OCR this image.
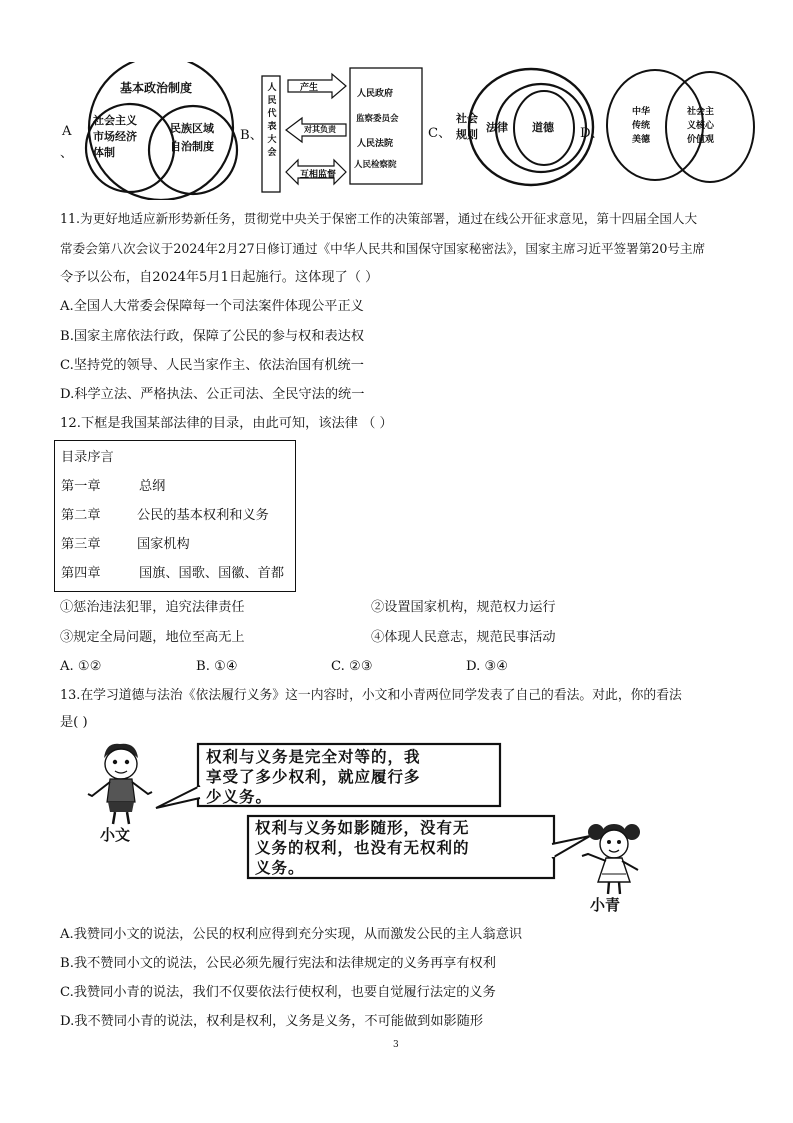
A
、
基本政治制度
社会主义
市场经济
体制
民族区域
自治制度
B、
人
民
代
表
大
会
产生
对其负责
互相监督
人民政府
监察委员会
人民法院
人民检察院
C、
社会
规则
法律 道德 D、
中华
传统
美德
社会主
义核心
价值观
11.为更好地适应新形势新任务，贯彻党中央关于保密工作的决策部署，通过在线公开征求意见，第十四届全国人大
常委会第八次会议于2024年2月27日修订通过《中华人民共和国保守国家秘密法》，国家主席习近平签署第20号主席
令予以公布，自2024年5月1日起施行。这体现了（ ）
A.全国人大常委会保障每一个司法案件体现公平正义
B.国家主席依法行政，保障了公民的参与权和表达权
C.坚持党的领导、人民当家作主、依法治国有机统一
D.科学立法、严格执法、公正司法、全民守法的统一
12.下框是我国某部法律的目录，由此可知，该法律 （ ）
目录序言
第一章	总纲
第二章	公民的基本权利和义务
第三章	国家机构
第四章	国旗、国歌、国徽、首都
①惩治违法犯罪，追究法律责任	②设置国家机构，规范权力运行
③规定全局问题，地位至高无上	④体现人民意志，规范民事活动
A. ①②	B. ①④	C. ②③	D. ③④
13.在学习道德与法治《依法履行义务》这一内容时，小文和小青两位同学发表了自己的看法。对此，你的看法
是( )
小文
权利与义务是完全对等的，我
享受了多少权利，就应履行多
少义务。
权利与义务如影随形，没有无
义务的权利，也没有无权利的
义务。
小青
A.我赞同小文的说法，公民的权利应得到充分实现，从而激发公民的主人翁意识
B.我不赞同小文的说法，公民必须先履行宪法和法律规定的义务再享有权利
C.我赞同小青的说法，我们不仅要依法行使权利，也要自觉履行法定的义务
D.我不赞同小青的说法，权利是权利，义务是义务，不可能做到如影随形
3
